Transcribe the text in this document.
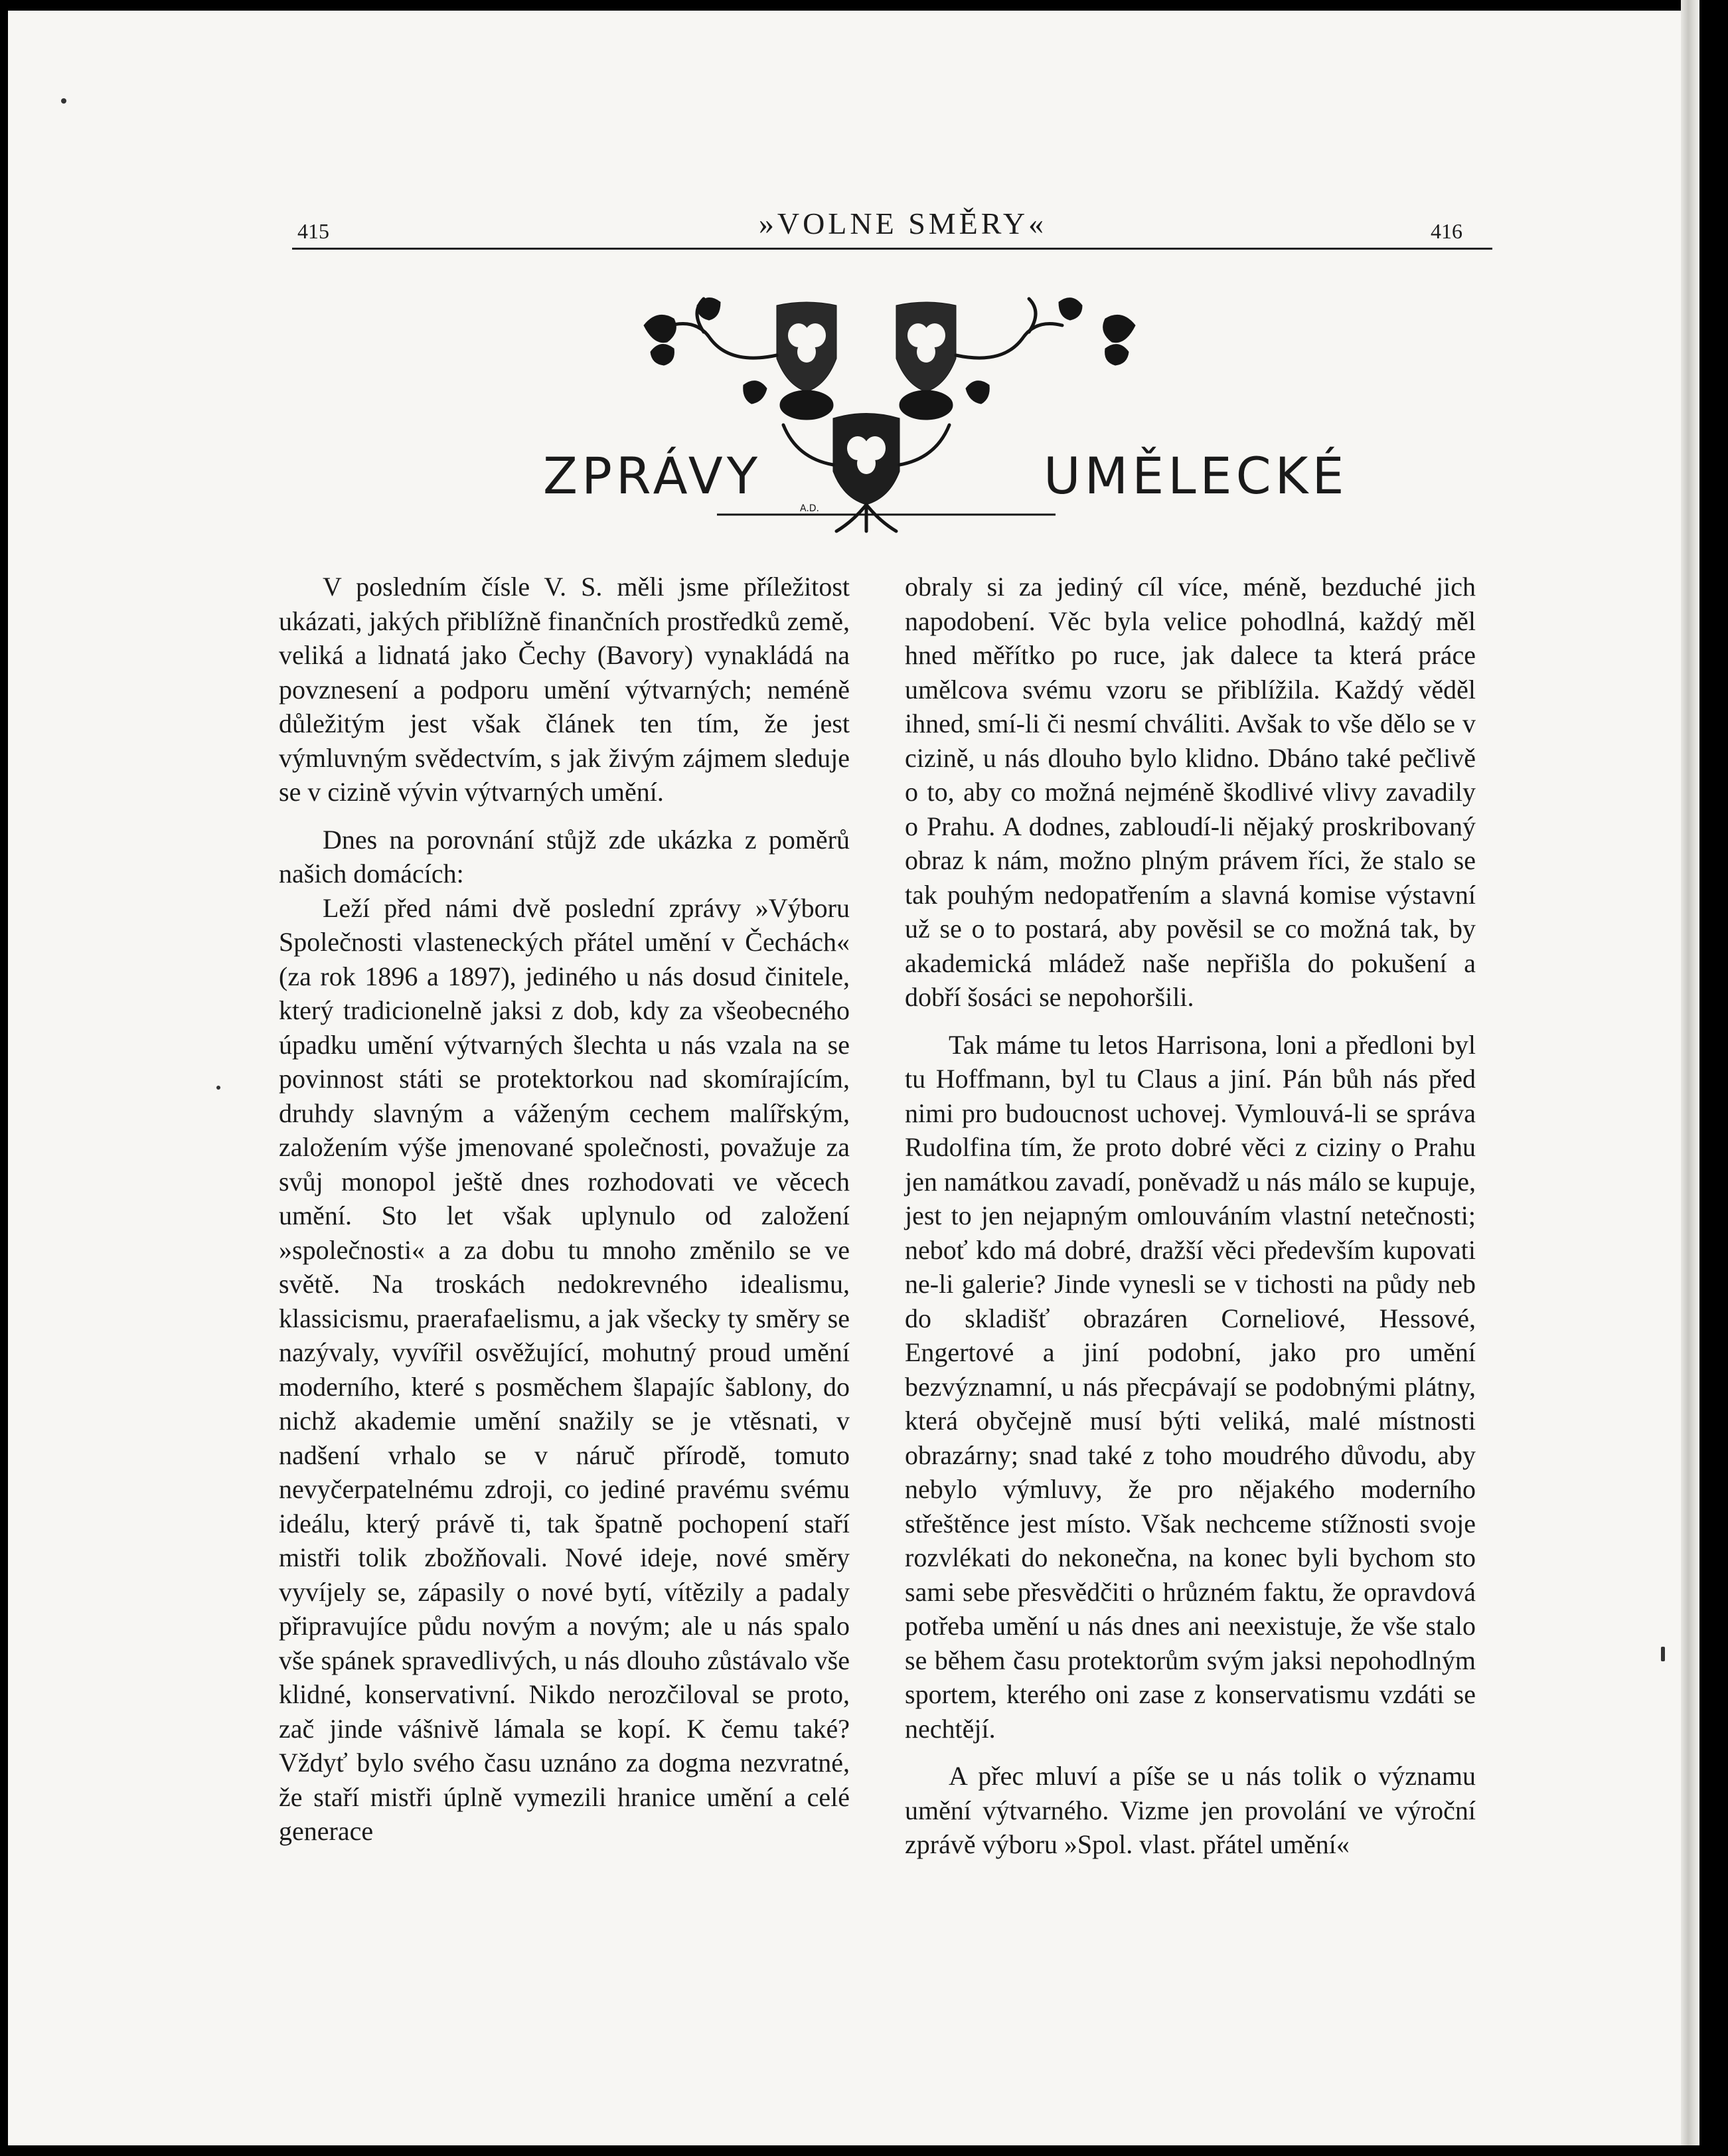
415	»VOLNE SMĚRY«	416
A.D.
ZPRÁVY	UMĚLECKÉ

V posledním čísle V. S. měli jsme příležitost ukázati, jakých přiblížně finančních prostředků země, veliká a lidnatá jako Čechy (Bavory) vynakládá na povznesení a podporu umění výtvarných; neméně důležitým jest však článek ten tím, že jest výmluvným svědectvím, s jak živým zájmem sleduje se v cizině vývin výtvarných umění.

Dnes na porovnání stůjž zde ukázka z poměrů našich domácích:

Leží před námi dvě poslední zprávy »Výboru Společnosti vlasteneckých přátel umění v Čechách« (za rok 1896 a 1897), jediného u nás dosud činitele, který tradicionelně jaksi z dob, kdy za všeobecného úpadku umění výtvarných šlechta u nás vzala na se povinnost státi se protektorkou nad skomírajícím, druhdy slavným a váženým cechem malířským, založením výše jmenované společnosti, považuje za svůj monopol ještě dnes rozhodovati ve věcech umění. Sto let však uplynulo od založení »společnosti« a za dobu tu mnoho změnilo se ve světě. Na troskách nedokrevného idealismu, klassicismu, praerafaelismu, a jak všecky ty směry se nazývaly, vyvířil osvěžující, mohutný proud umění moderního, které s posměchem šlapajíc šablony, do nichž akademie umění snažily se je vtěsnati, v nadšení vrhalo se v náruč přírodě, tomuto nevyčerpatelnému zdroji, co jediné pravému svému ideálu, který právě ti, tak špatně pochopení staří mistři tolik zbožňovali. Nové ideje, nové směry vyvíjely se, zápasily o nové bytí, vítězily a padaly připravujíce půdu novým a novým; ale u nás spalo vše spánek spravedlivých, u nás dlouho zůstávalo vše klidné, konservativní. Nikdo nerozčiloval se proto, zač jinde vášnivě lámala se kopí. K čemu také? Vždyť bylo svého času uznáno za dogma nezvratné, že staří mistři úplně vymezili hranice umění a celé generace

obraly si za jediný cíl více, méně, bezduché jich napodobení. Věc byla velice pohodlná, každý měl hned měřítko po ruce, jak dalece ta která práce umělcova svému vzoru se přiblížila. Každý věděl ihned, smí-li či nesmí chváliti. Avšak to vše dělo se v cizině, u nás dlouho bylo klidno. Dbáno také pečlivě o to, aby co možná nejméně škodlivé vlivy zavadily o Prahu. A dodnes, zabloudí-li nějaký proskribovaný obraz k nám, možno plným právem říci, že stalo se tak pouhým nedopatřením a slavná komise výstavní už se o to postará, aby pověsil se co možná tak, by akademická mládež naše nepřišla do pokušení a dobří šosáci se nepohoršili.

Tak máme tu letos Harrisona, loni a předloni byl tu Hoffmann, byl tu Claus a jiní. Pán bůh nás před nimi pro budoucnost uchovej. Vymlouvá-li se správa Rudolfina tím, že proto dobré věci z ciziny o Prahu jen namátkou zavadí, poněvadž u nás málo se kupuje, jest to jen nejapným omlouváním vlastní netečnosti; neboť kdo má dobré, dražší věci především kupovati ne-li galerie? Jinde vynesli se v tichosti na půdy neb do skladišť obrazáren Corneliové, Hessové, Engertové a jiní podobní, jako pro umění bezvýznamní, u nás přecpávají se podobnými plátny, která obyčejně musí býti veliká, malé místnosti obrazárny; snad také z toho moudrého důvodu, aby nebylo výmluvy, že pro nějakého moderního střeštěnce jest místo. Však nechceme stížnosti svoje rozvlékati do nekonečna, na konec byli bychom sto sami sebe přesvědčiti o hrůzném faktu, že opravdová potřeba umění u nás dnes ani neexistuje, že vše stalo se během času protektorům svým jaksi nepohodlným sportem, kterého oni zase z konservatismu vzdáti se nechtějí.

A přec mluví a píše se u nás tolik o významu umění výtvarného. Vizme jen provolání ve výroční zprávě výboru »Spol. vlast. přátel umění«
